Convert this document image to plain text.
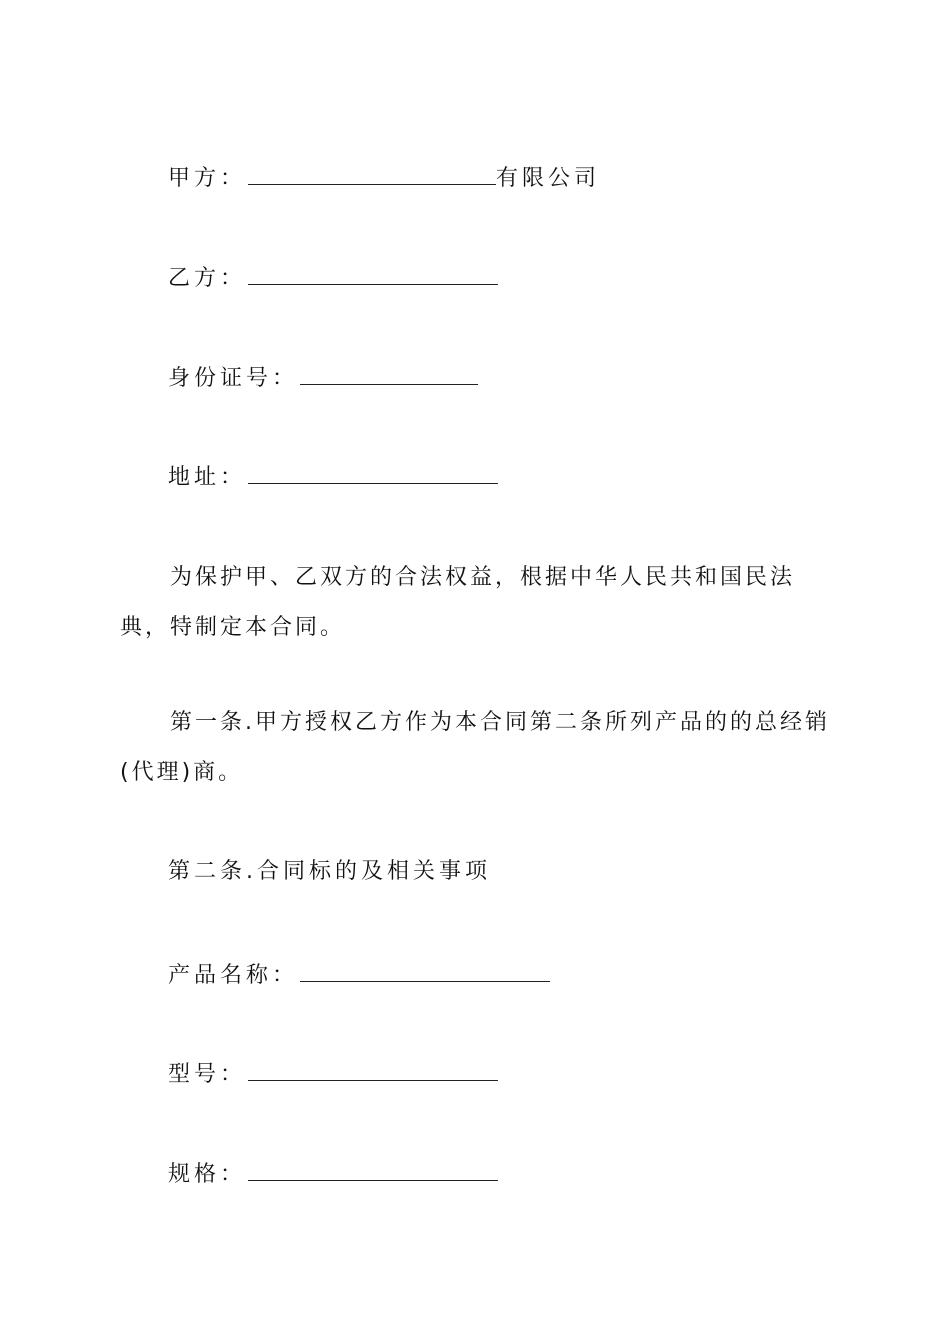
甲方：	有限公司
乙方：
身份证号：
地址：
为保护甲、乙双方的合法权益，根据中华人民共和国民法典，特制定本合同。
第一条.甲方授权乙方作为本合同第二条所列产品的的总经销(代理)商。
第二条.合同标的及相关事项
产品名称：
型号：
规格：
